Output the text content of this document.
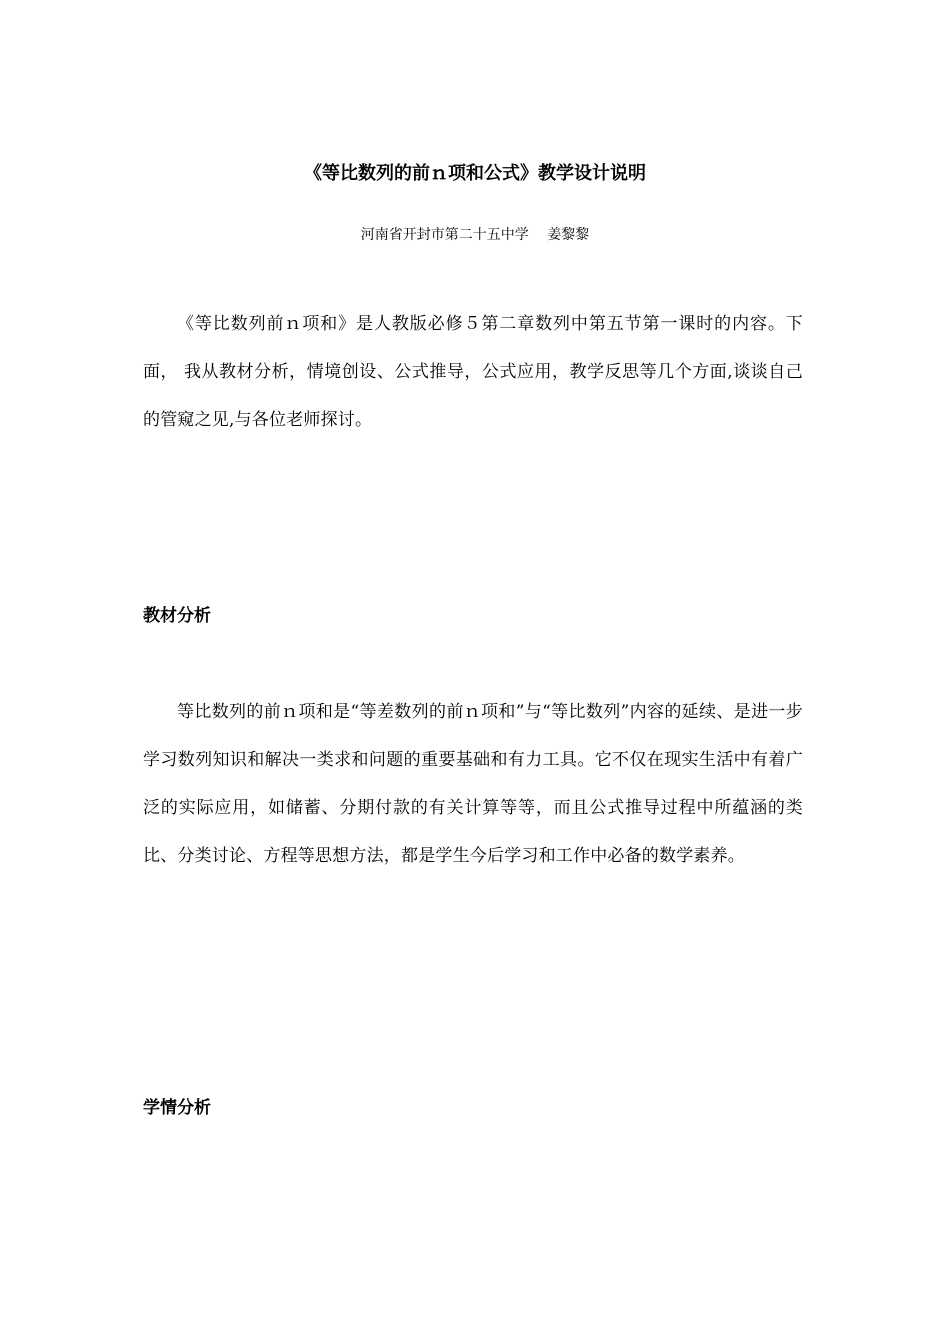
《等比数列的前ｎ项和公式》教学设计说明

河南省开封市第二十五中学　 姜黎黎

《等比数列前ｎ项和》是人教版必修５第二章数列中第五节第一课时的内容。下面， 我从教材分析，情境创设、公式推导，公式应用，教学反思等几个方面,谈谈自己的管窥之见,与各位老师探讨。

教材分析

等比数列的前ｎ项和是“等差数列的前ｎ项和”与“等比数列”内容的延续、是进一步学习数列知识和解决一类求和问题的重要基础和有力工具。它不仅在现实生活中有着广泛的实际应用，如储蓄、分期付款的有关计算等等，而且公式推导过程中所蕴涵的类比、分类讨论、方程等思想方法，都是学生今后学习和工作中必备的数学素养。

学情分析
